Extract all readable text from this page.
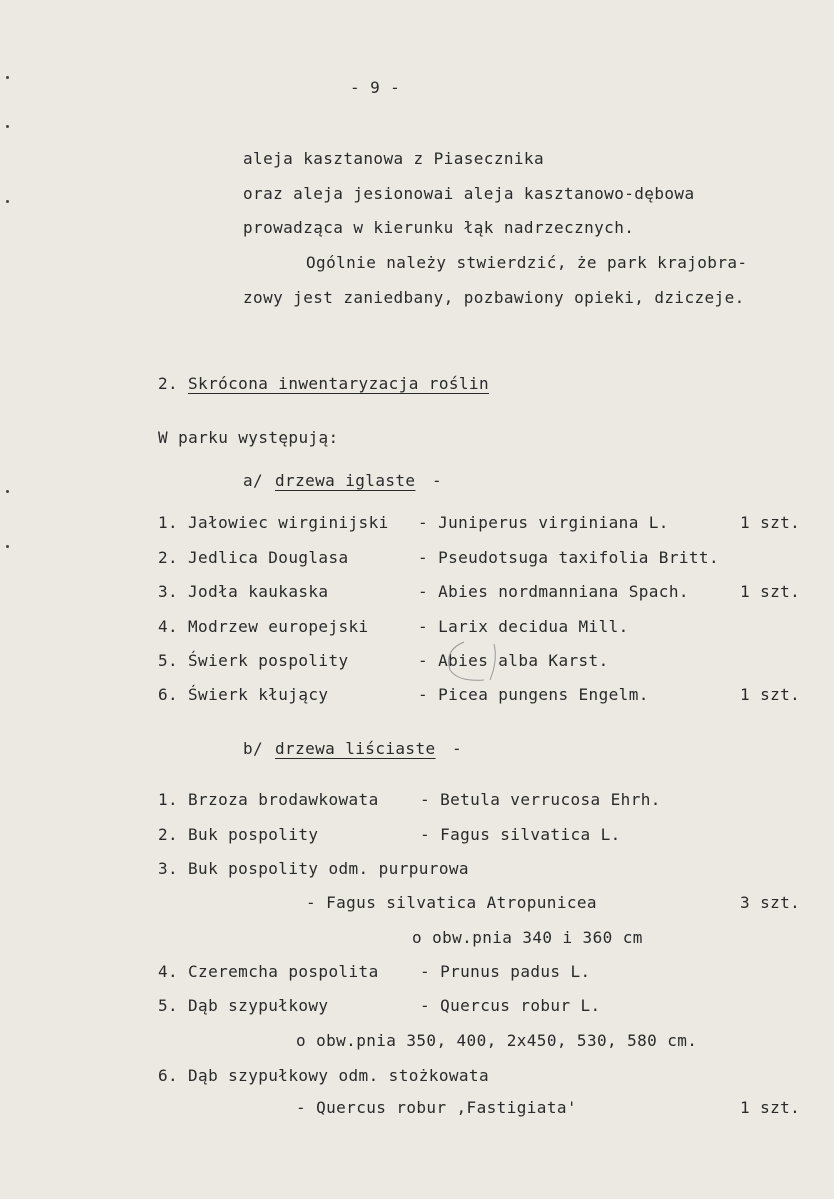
- 9 -
aleja kasztanowa z Piasecznika
oraz aleja jesionowai aleja kasztanowo-dębowa
prowadząca w kierunku łąk nadrzecznych.
Ogólnie należy stwierdzić, że park krajobra-
zowy jest zaniedbany, pozbawiony opieki, dziczeje.
2. Skrócona inwentaryzacja roślin
W parku występują:
a/ drzewa iglaste -
1. Jałowiec wirginijski - Juniperus virginiana L.	1 szt.
2. Jedlica Douglasa	- Pseudotsuga taxifolia Britt.
3. Jodła kaukaska	- Abies nordmanniana Spach.	1 szt.
4. Modrzew europejski	- Larix decidua Mill.
5. Świerk pospolity	- Abies alba Karst.
6. Świerk kłujący	- Picea pungens Engelm.	1 szt.
b/ drzewa liściaste -
1. Brzoza brodawkowata	- Betula verrucosa Ehrh.
2. Buk pospolity	- Fagus silvatica L.
3. Buk pospolity odm. purpurowa
- Fagus silvatica Atropunicea	3 szt.
o obw.pnia 340 i 360 cm
4. Czeremcha pospolita	- Prunus padus L.
5. Dąb szypułkowy	- Quercus robur L.
o obw.pnia 350, 400, 2x450, 530, 580 cm.
6. Dąb szypułkowy odm. stożkowata
- Quercus robur ,Fastigiata'	1 szt.
